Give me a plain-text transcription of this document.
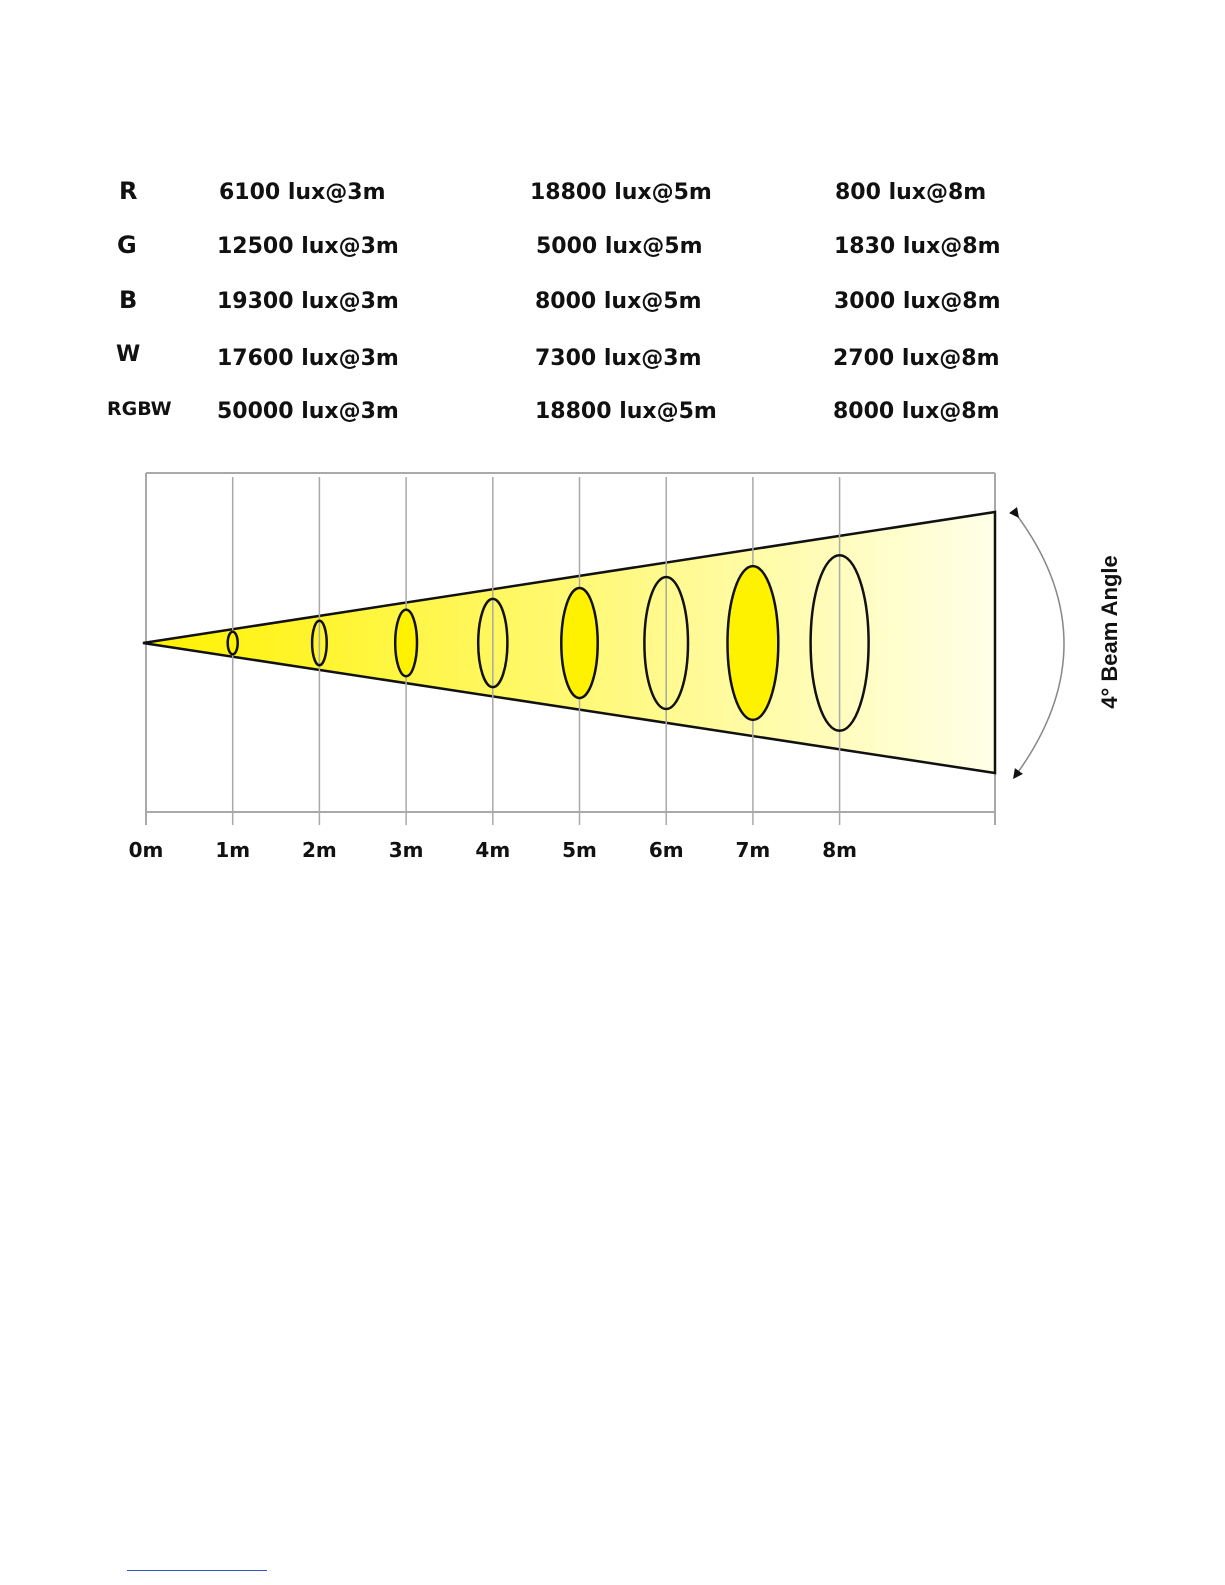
R	6100 lux@3m	18800 lux@5m	800 lux@8m
G	12500 lux@3m	5000 lux@5m	1830 lux@8m
B	19300 lux@3m	8000 lux@5m	3000 lux@8m
W	17600 lux@3m	7300 lux@3m	2700 lux@8m
RGBW 50000 lux@3m	18800 lux@5m	8000 lux@8m
0m	1m	2m	3m	4m	5m	6m	7m	8m
4° Beam Angle
